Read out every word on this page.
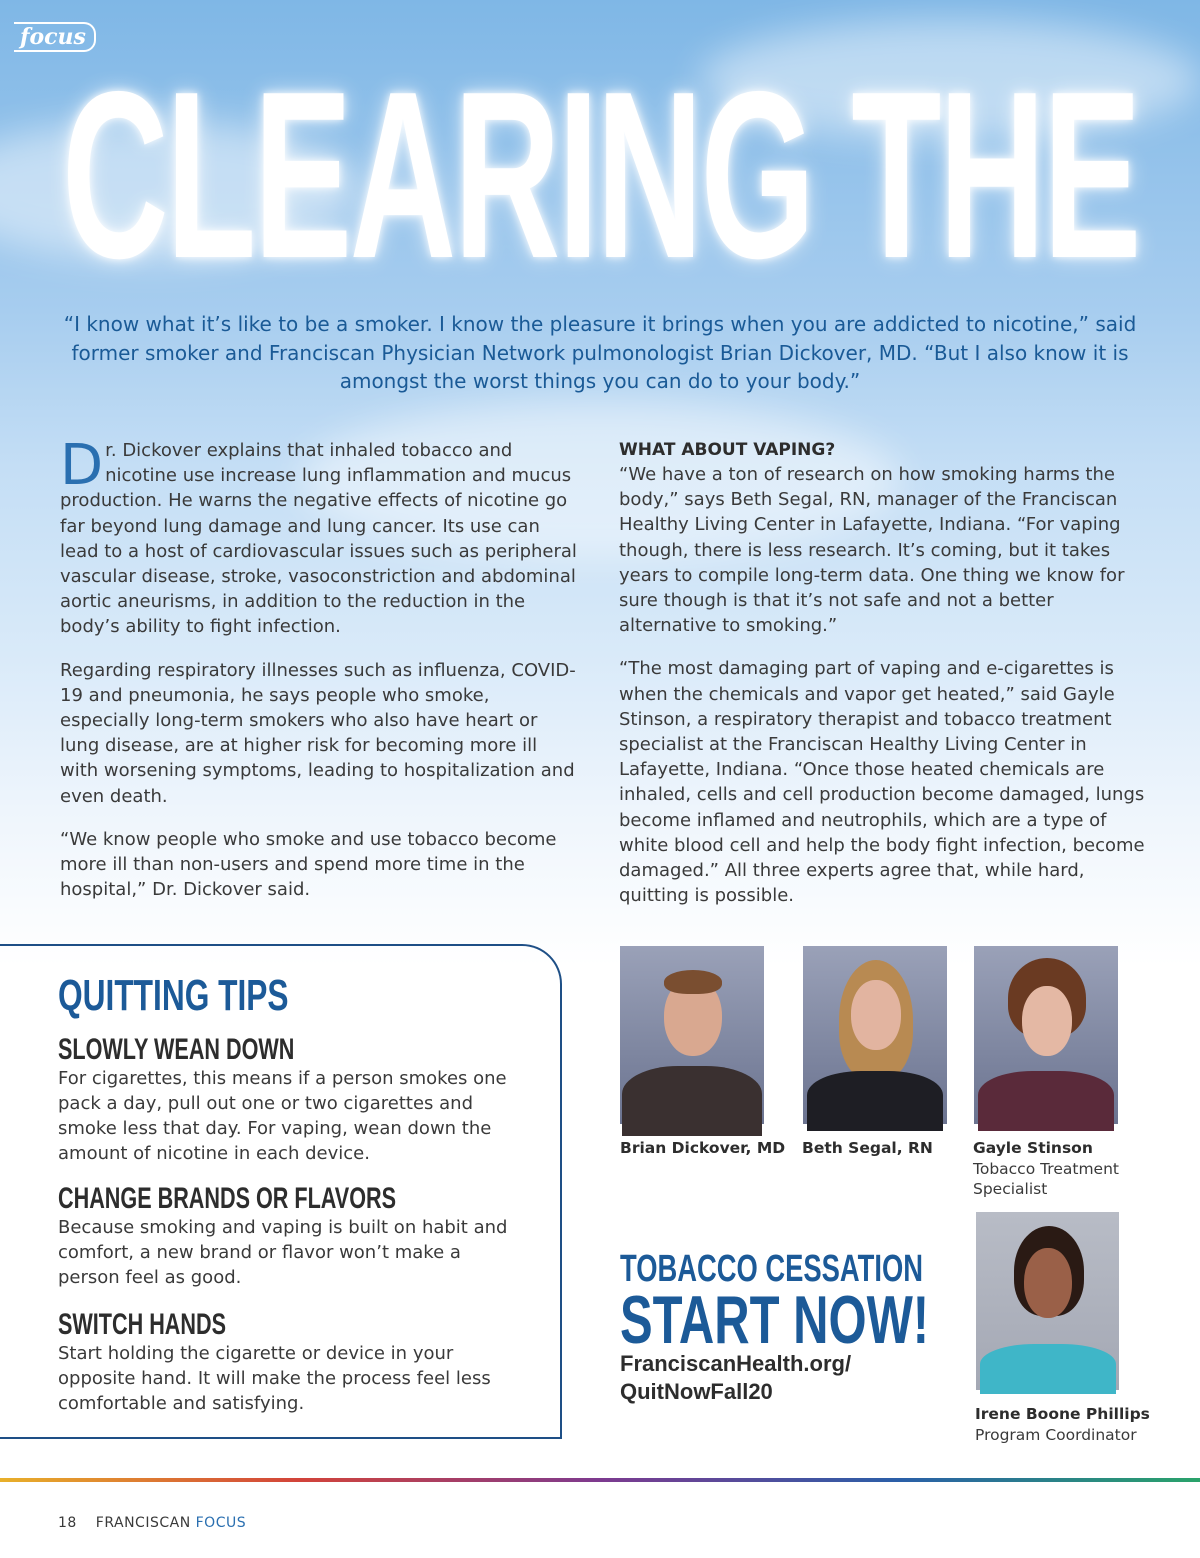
focus
CLEARING THE
“I know what it’s like to be a smoker. I know the pleasure it brings when you are addicted to nicotine,” said former smoker and Franciscan Physician Network pulmonologist Brian Dickover, MD. “But I also know it is amongst the worst things you can do to your body.”

Dr. Dickover explains that inhaled tobacco and nicotine use increase lung inflammation and mucus production. He warns the negative effects of nicotine go far beyond lung damage and lung cancer. Its use can lead to a host of cardiovascular issues such as peripheral vascular disease, stroke, vasoconstriction and abdominal aortic aneurisms, in addition to the reduction in the body’s ability to fight infection.

Regarding respiratory illnesses such as influenza, COVID-19 and pneumonia, he says people who smoke, especially long-term smokers who also have heart or lung disease, are at higher risk for becoming more ill with worsening symptoms, leading to hospitalization and even death.

“We know people who smoke and use tobacco become more ill than non-users and spend more time in the hospital,” Dr. Dickover said.

WHAT ABOUT VAPING?

“We have a ton of research on how smoking harms the body,” says Beth Segal, RN, manager of the Franciscan Healthy Living Center in Lafayette, Indiana. “For vaping though, there is less research. It’s coming, but it takes years to compile long-term data. One thing we know for sure though is that it’s not safe and not a better alternative to smoking.”

“The most damaging part of vaping and e-cigarettes is when the chemicals and vapor get heated,” said Gayle Stinson, a respiratory therapist and tobacco treatment specialist at the Franciscan Healthy Living Center in Lafayette, Indiana. “Once those heated chemicals are inhaled, cells and cell production become damaged, lungs become inflamed and neutrophils, which are a type of white blood cell and help the body fight infection, become damaged.” All three experts agree that, while hard, quitting is possible.

QUITTING TIPS
SLOWLY WEAN DOWN
For cigarettes, this means if a person smokes one pack a day, pull out one or two cigarettes and smoke less that day. For vaping, wean down the amount of nicotine in each device.
CHANGE BRANDS OR FLAVORS
Because smoking and vaping is built on habit and comfort, a new brand or flavor won’t make a person feel as good.
SWITCH HANDS
Start holding the cigarette or device in your opposite hand. It will make the process feel less comfortable and satisfying.
Brian Dickover, MD Beth Segal, RN	Gayle Stinson
Tobacco Treatment Specialist
Irene Boone Phillips
Program Coordinator
TOBACCO CESSATION
START NOW!
FranciscanHealth.org/
QuitNowFall20
18 FRANCISCAN FOCUS
